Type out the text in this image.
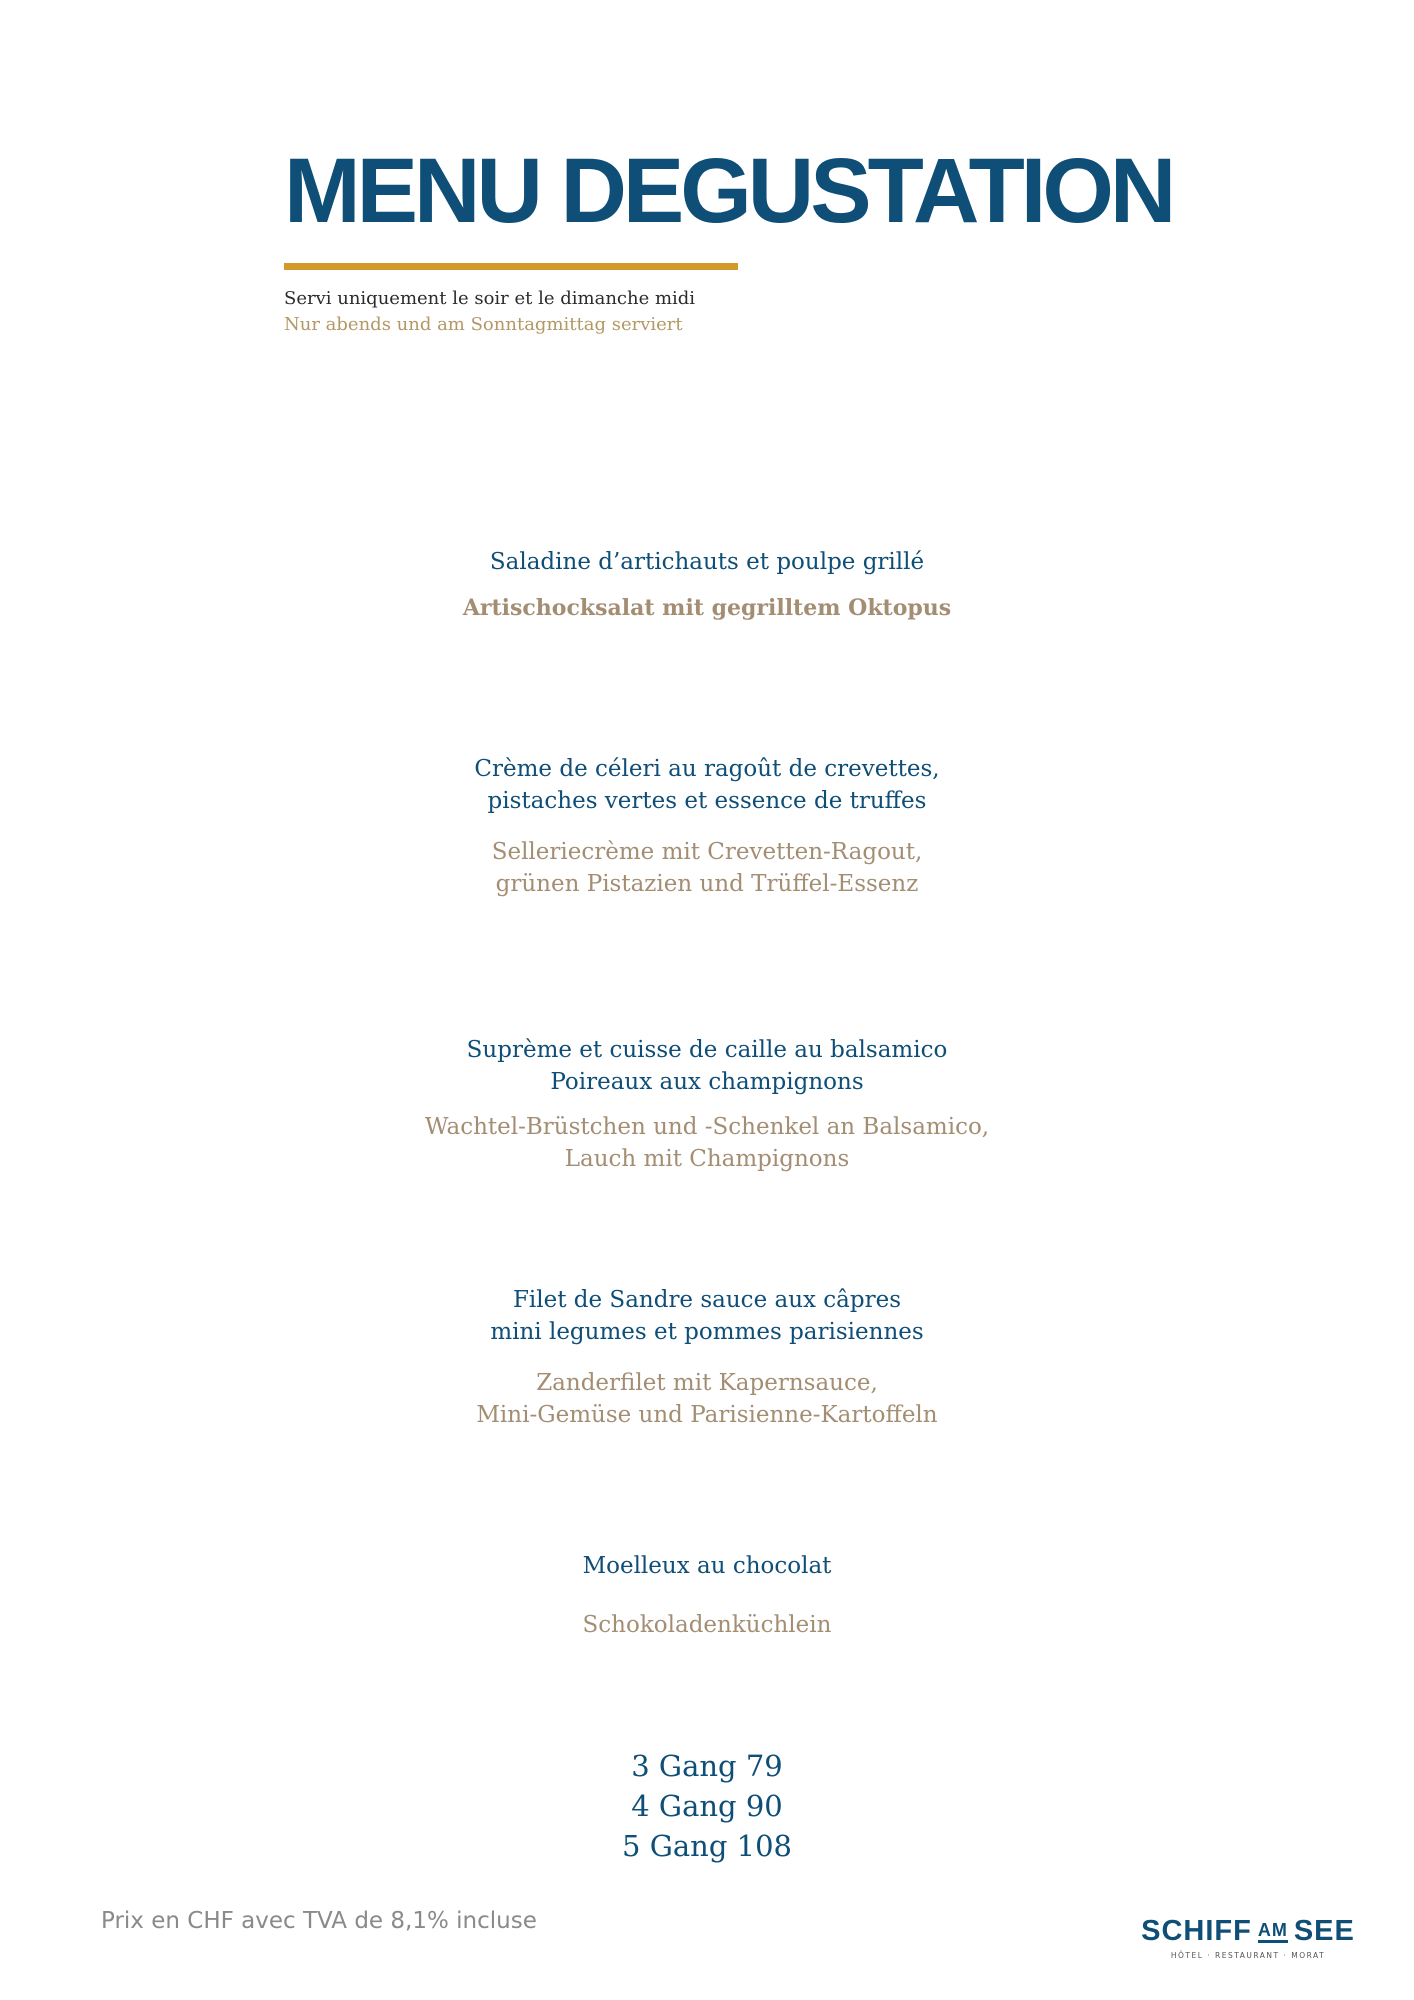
MENU DEGUSTATION
Servi uniquement le soir et le dimanche midi
Nur abends und am Sonntagmittag serviert
Saladine d’artichauts et poulpe grillé
Artischocksalat mit gegrilltem Oktopus
Crème de céleri au ragoût de crevettes,
pistaches vertes et essence de truffes
Selleriecrème mit Crevetten-Ragout,
grünen Pistazien und Trüffel-Essenz
Suprème et cuisse de caille au balsamico
Poireaux aux champignons
Wachtel-Brüstchen und -Schenkel an Balsamico,
Lauch mit Champignons
Filet de Sandre sauce aux câpres
mini legumes et pommes parisiennes
Zanderfilet mit Kapernsauce,
Mini-Gemüse und Parisienne-Kartoffeln
Moelleux au chocolat
Schokoladenküchlein
3 Gang 79
4 Gang 90
5 Gang 108
Prix en CHF avec TVA de 8,1% incluse	SCHIFF AM SEE
HÔTEL · RESTAURANT · MORAT
